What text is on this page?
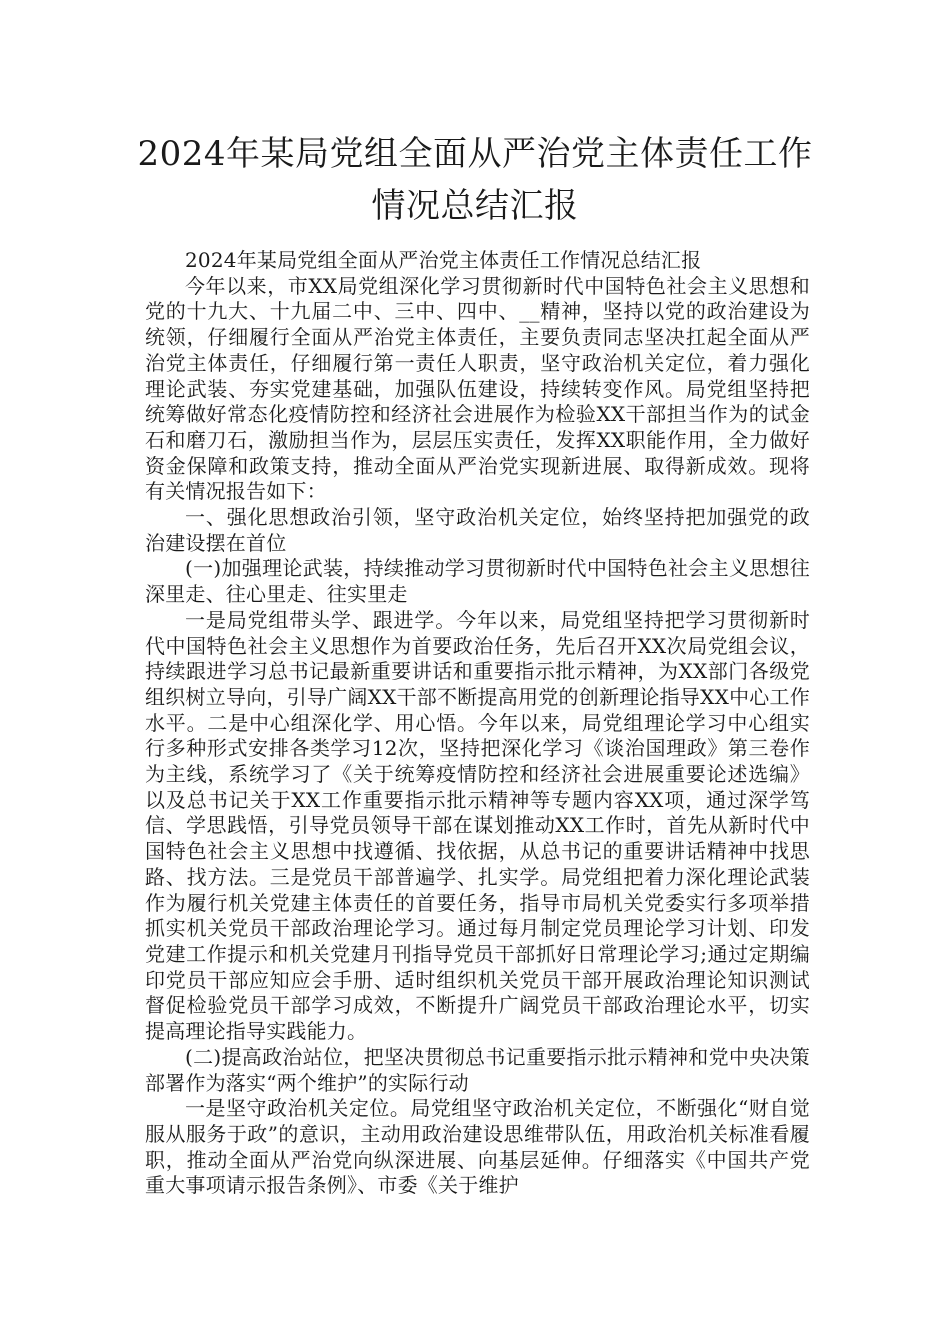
2024年某局党组全面从严治党主体责任工作情况总结汇报

2024年某局党组全面从严治党主体责任工作情况总结汇报

今年以来，市XX局党组深化学习贯彻新时代中国特色社会主义思想和党的十九大、十九届二中、三中、四中、__精神，坚持以党的政治建设为统领，仔细履行全面从严治党主体责任，主要负责同志坚决扛起全面从严治党主体责任，仔细履行第一责任人职责，坚守政治机关定位，着力强化理论武装、夯实党建基础，加强队伍建设，持续转变作风。局党组坚持把统筹做好常态化疫情防控和经济社会进展作为检验XX干部担当作为的试金石和磨刀石，激励担当作为，层层压实责任，发挥XX职能作用，全力做好资金保障和政策支持，推动全面从严治党实现新进展、取得新成效。现将有关情况报告如下：

一、强化思想政治引领，坚守政治机关定位，始终坚持把加强党的政治建设摆在首位

(一)加强理论武装，持续推动学习贯彻新时代中国特色社会主义思想往深里走、往心里走、往实里走

一是局党组带头学、跟进学。今年以来，局党组坚持把学习贯彻新时代中国特色社会主义思想作为首要政治任务，先后召开XX次局党组会议，持续跟进学习总书记最新重要讲话和重要指示批示精神，为XX部门各级党组织树立导向，引导广阔XX干部不断提高用党的创新理论指导XX中心工作水平。二是中心组深化学、用心悟。今年以来，局党组理论学习中心组实行多种形式安排各类学习12次，坚持把深化学习《谈治国理政》第三卷作为主线，系统学习了《关于统筹疫情防控和经济社会进展重要论述选编》以及总书记关于XX工作重要指示批示精神等专题内容XX项，通过深学笃信、学思践悟，引导党员领导干部在谋划推动XX工作时，首先从新时代中国特色社会主义思想中找遵循、找依据，从总书记的重要讲话精神中找思路、找方法。三是党员干部普遍学、扎实学。局党组把着力深化理论武装作为履行机关党建主体责任的首要任务，指导市局机关党委实行多项举措抓实机关党员干部政治理论学习。通过每月制定党员理论学习计划、印发党建工作提示和机关党建月刊指导党员干部抓好日常理论学习;通过定期编印党员干部应知应会手册、适时组织机关党员干部开展政治理论知识测试督促检验党员干部学习成效，不断提升广阔党员干部政治理论水平，切实提高理论指导实践能力。

(二)提高政治站位，把坚决贯彻总书记重要指示批示精神和党中央决策部署作为落实“两个维护”的实际行动

一是坚守政治机关定位。局党组坚守政治机关定位，不断强化“财自觉服从服务于政”的意识，主动用政治建设思维带队伍，用政治机关标准看履职，推动全面从严治党向纵深进展、向基层延伸。仔细落实《中国共产党重大事项请示报告条例》、市委《关于维护
